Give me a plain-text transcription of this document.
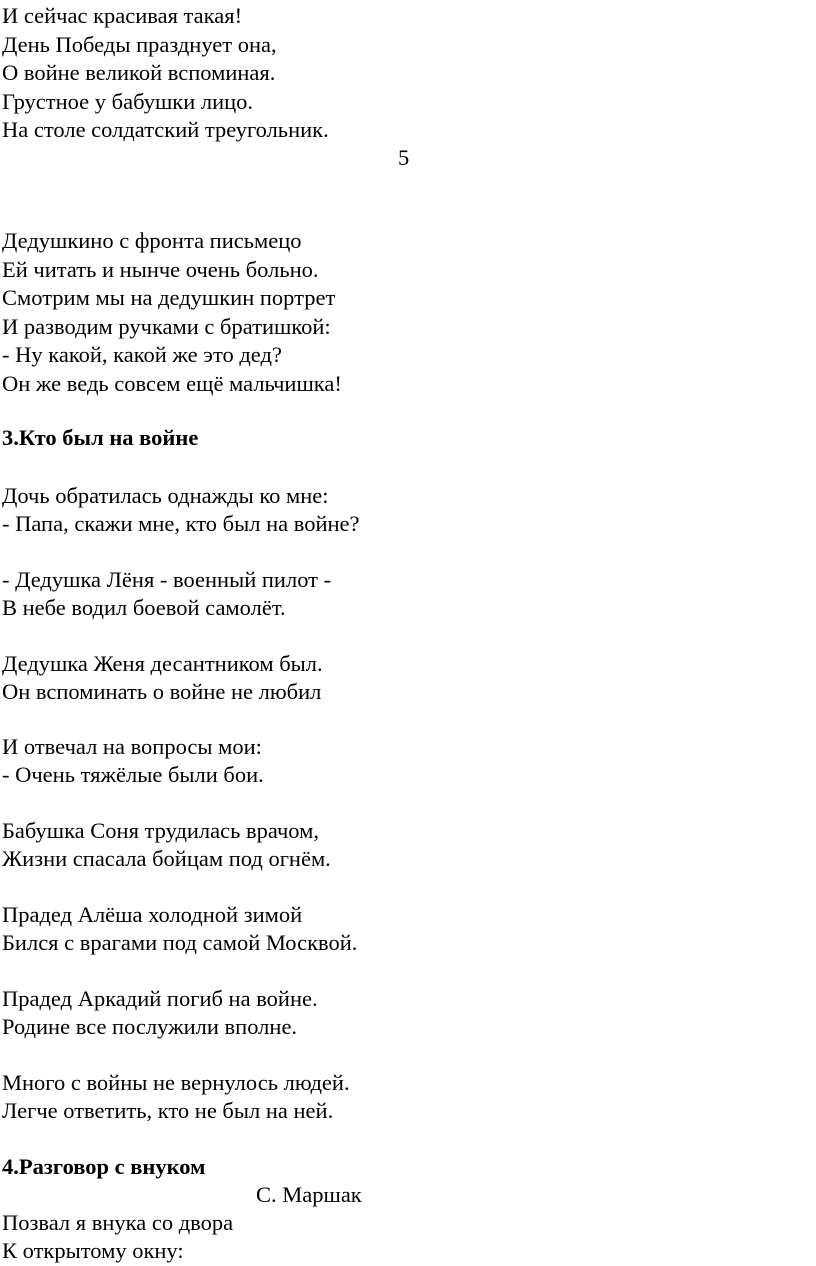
И сейчас красивая такая!
День Победы празднует она,
О войне великой вспоминая.
Грустное у бабушки лицо.
На столе солдатский треугольник.
5
Дедушкино с фронта письмецо
Ей читать и нынче очень больно.
Смотрим мы на дедушкин портрет
И разводим ручками с братишкой:
- Ну какой, какой же это дед?
Он же ведь совсем ещё мальчишка!
3.Кто был на войне
Дочь обратилась однажды ко мне:
- Папа, скажи мне, кто был на войне?
- Дедушка Лёня - военный пилот -
В небе водил боевой самолёт.
Дедушка Женя десантником был.
Он вспоминать о войне не любил
И отвечал на вопросы мои:
- Очень тяжёлые были бои.
Бабушка Соня трудилась врачом,
Жизни спасала бойцам под огнём.
Прадед Алёша холодной зимой
Бился с врагами под самой Москвой.
Прадед Аркадий погиб на войне.
Родине все послужили вполне.
Много с войны не вернулось людей.
Легче ответить, кто не был на ней.
4.Разговор с внуком
С. Маршак
Позвал я внука со двора
К открытому окну:
